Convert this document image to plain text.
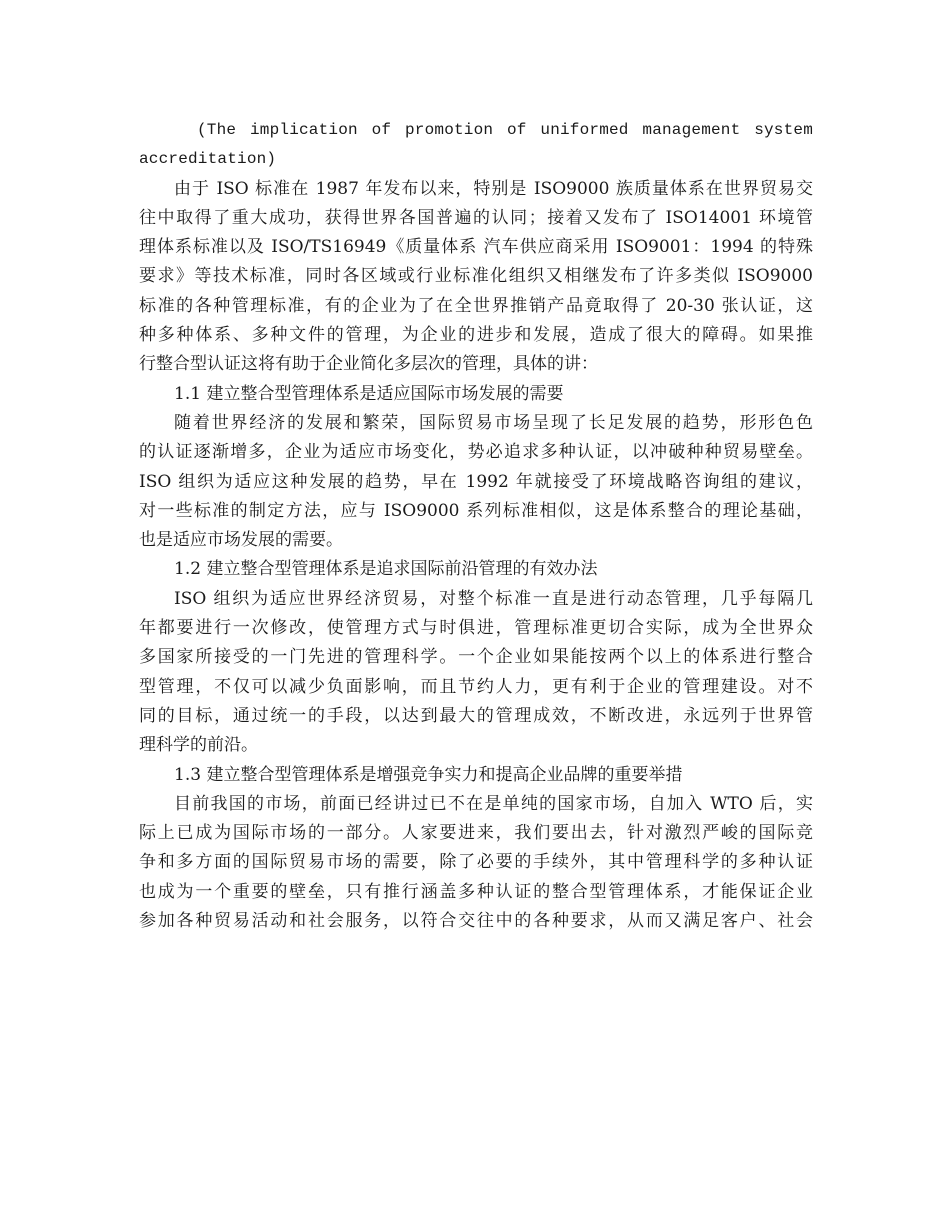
(The implication of promotion of uniformed management system
accreditation)
由于 ISO 标准在 1987 年发布以来，特别是 ISO9000 族质量体系在世界贸易交
往中取得了重大成功，获得世界各国普遍的认同；接着又发布了 ISO14001 环境管
理体系标准以及 ISO/TS16949《质量体系 汽车供应商采用 ISO9001：1994 的特殊
要求》等技术标准，同时各区域或行业标准化组织又相继发布了许多类似 ISO9000
标准的各种管理标准，有的企业为了在全世界推销产品竟取得了 20-30 张认证，这
种多种体系、多种文件的管理，为企业的进步和发展，造成了很大的障碍。如果推
行整合型认证这将有助于企业简化多层次的管理，具体的讲：
1.1 建立整合型管理体系是适应国际市场发展的需要
随着世界经济的发展和繁荣，国际贸易市场呈现了长足发展的趋势，形形色色
的认证逐渐增多，企业为适应市场变化，势必追求多种认证，以冲破种种贸易壁垒。
ISO 组织为适应这种发展的趋势，早在 1992 年就接受了环境战略咨询组的建议，
对一些标准的制定方法，应与 ISO9000 系列标准相似，这是体系整合的理论基础，
也是适应市场发展的需要。
1.2 建立整合型管理体系是追求国际前沿管理的有效办法
ISO 组织为适应世界经济贸易，对整个标准一直是进行动态管理，几乎每隔几
年都要进行一次修改，使管理方式与时俱进，管理标准更切合实际，成为全世界众
多国家所接受的一门先进的管理科学。一个企业如果能按两个以上的体系进行整合
型管理，不仅可以减少负面影响，而且节约人力，更有利于企业的管理建设。对不
同的目标，通过统一的手段，以达到最大的管理成效，不断改进，永远列于世界管
理科学的前沿。
1.3 建立整合型管理体系是增强竞争实力和提高企业品牌的重要举措
目前我国的市场，前面已经讲过已不在是单纯的国家市场，自加入 WTO 后，实
际上已成为国际市场的一部分。人家要进来，我们要出去，针对激烈严峻的国际竞
争和多方面的国际贸易市场的需要，除了必要的手续外，其中管理科学的多种认证
也成为一个重要的壁垒，只有推行涵盖多种认证的整合型管理体系，才能保证企业
参加各种贸易活动和社会服务，以符合交往中的各种要求，从而又满足客户、社会
